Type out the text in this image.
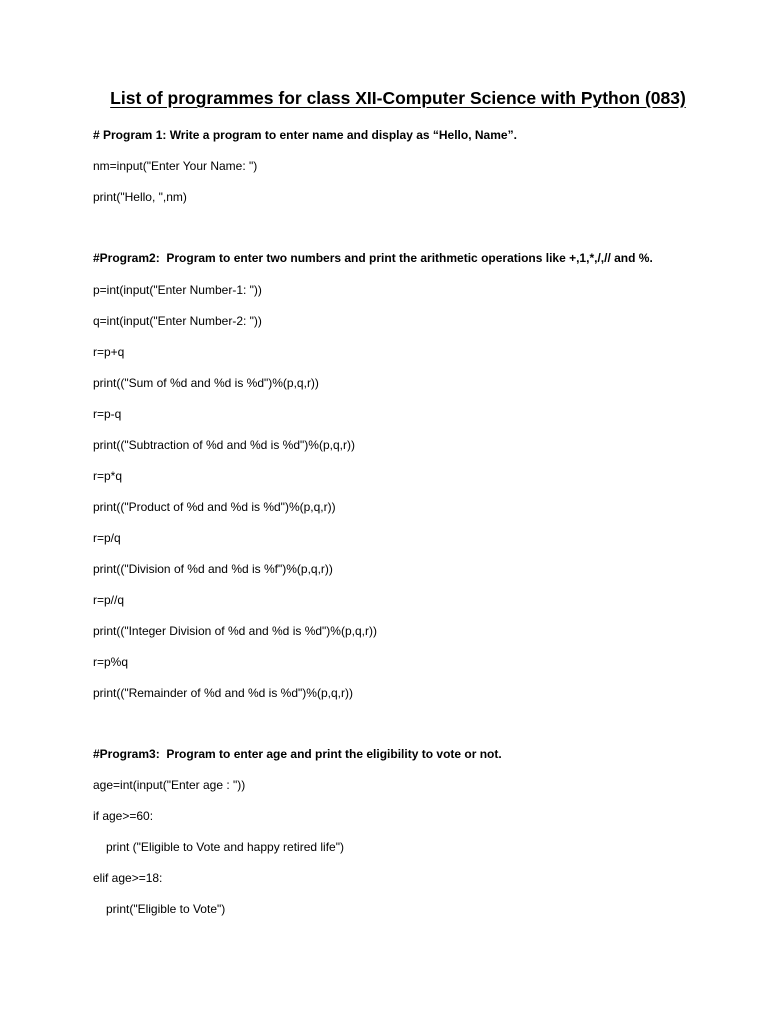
List of programmes for class XII-Computer Science with Python (083)

# Program 1: Write a program to enter name and display as “Hello, Name”.

nm=input("Enter Your Name: ")

print("Hello, ",nm)

#Program2:  Program to enter two numbers and print the arithmetic operations like +,1,*,/,// and %.

p=int(input("Enter Number-1: "))

q=int(input("Enter Number-2: "))

r=p+q

print(("Sum of %d and %d is %d")%(p,q,r))

r=p-q

print(("Subtraction of %d and %d is %d")%(p,q,r))

r=p*q

print(("Product of %d and %d is %d")%(p,q,r))

r=p/q

print(("Division of %d and %d is %f")%(p,q,r))

r=p//q

print(("Integer Division of %d and %d is %d")%(p,q,r))

r=p%q

print(("Remainder of %d and %d is %d")%(p,q,r))

#Program3:  Program to enter age and print the eligibility to vote or not.

age=int(input("Enter age : "))

if age>=60:

print ("Eligible to Vote and happy retired life")

elif age>=18:

print("Eligible to Vote")
